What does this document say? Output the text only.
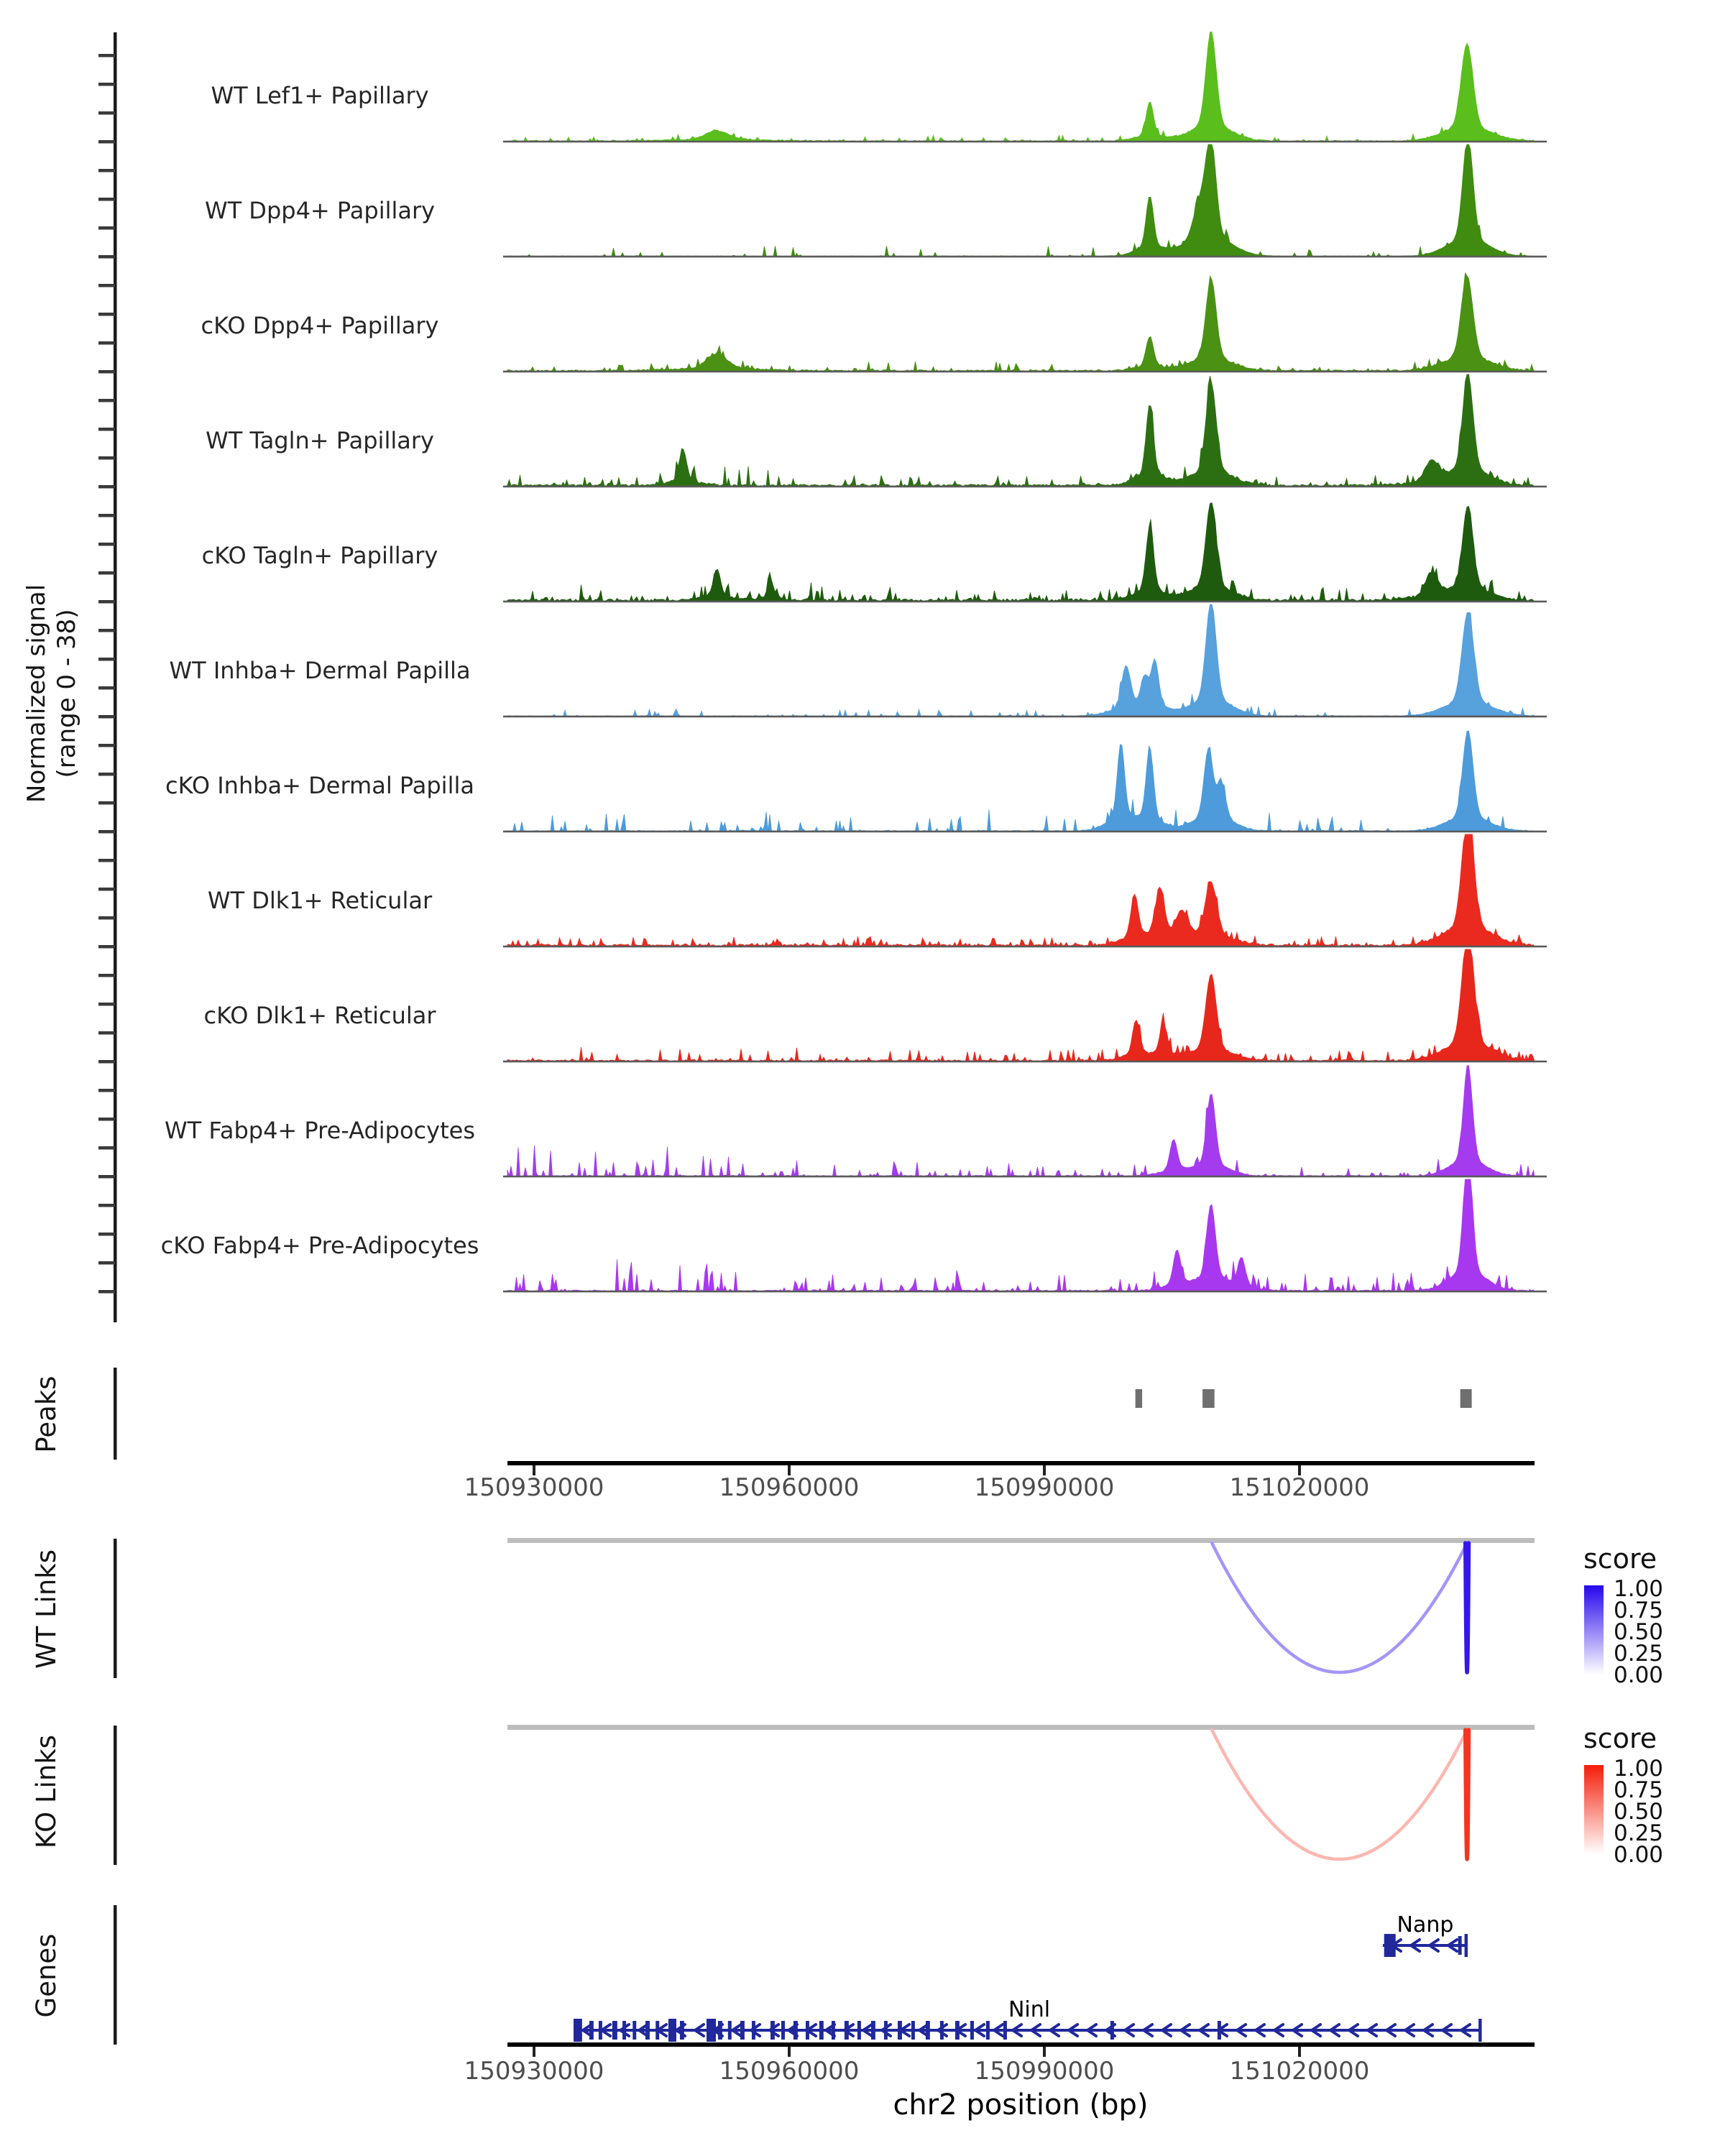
Normalized signal (range 0 - 38)
Peaks
WT Links
KO Links
Genes
WT Lef1+ Papillary
WT Dpp4+ Papillary
cKO Dpp4+ Papillary
WT Tagln+ Papillary
cKO Tagln+ Papillary
WT Inhba+ Dermal Papilla
cKO Inhba+ Dermal Papilla
WT Dlk1+ Reticular
cKO Dlk1+ Reticular
WT Fabp4+ Pre-Adipocytes
cKO Fabp4+ Pre-Adipocytes
150930000	150960000	150990000	151020000
150930000	150960000	150990000	151020000
score
1.00
0.75
0.50
0.25
0.00
score
1.00
0.75
0.50
0.25
0.00
Nanp
Ninl
chr2 position (bp)
